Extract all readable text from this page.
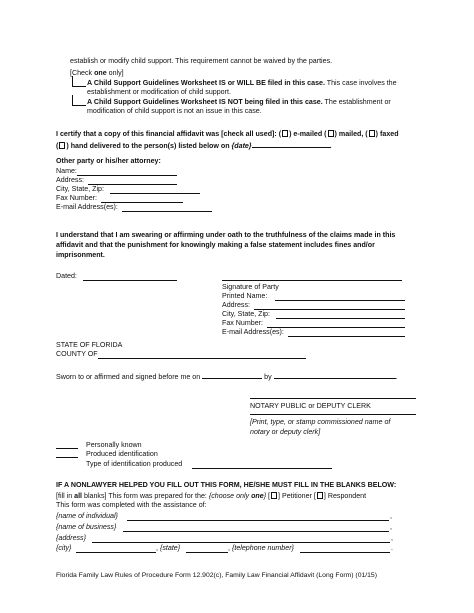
establish or modify child support. This requirement cannot be waived by the parties.
[Check one only]
A Child Support Guidelines Worksheet IS or WILL BE filed in this case. This case involves the
establishment or modification of child support.
A Child Support Guidelines Worksheet IS NOT being filed in this case. The establishment or
modification of child support is not an issue in this case.
I certify that a copy of this financial affidavit was [check all used]: ( ) e-mailed ( ) mailed, ( ) faxed
( ) hand delivered to the person(s) listed below on {date}	.
Other party or his/her attorney:
Name:
Address:
City, State, Zip:
Fax Number:
E-mail Address(es):
I understand that I am swearing or affirming under oath to the truthfulness of the claims made in this
affidavit and that the punishment for knowingly making a false statement includes fines and/or
imprisonment.
Dated:
Signature of Party
Printed Name:
Address:
City, State, Zip:
Fax Number:
E-mail Address(es):
STATE OF FLORIDA
COUNTY OF
Sworn to or affirmed and signed before me on	by	.
NOTARY PUBLIC or DEPUTY CLERK
[Print, type, or stamp commissioned name of
notary or deputy clerk]
Personally known
Produced identification
Type of identification produced
IF A NONLAWYER HELPED YOU FILL OUT THIS FORM, HE/SHE MUST FILL IN THE BLANKS BELOW:
[fill in all blanks] This form was prepared for the: {choose only one} [ ] Petitioner [ ] Respondent
This form was completed with the assistance of:
{name of individual}	,
{name of business}	,
{address}	,
{city}	, {state}	, {telephone number}	.
Florida Family Law Rules of Procedure Form 12.902(c), Family Law Financial Affidavit (Long Form) (01/15)
